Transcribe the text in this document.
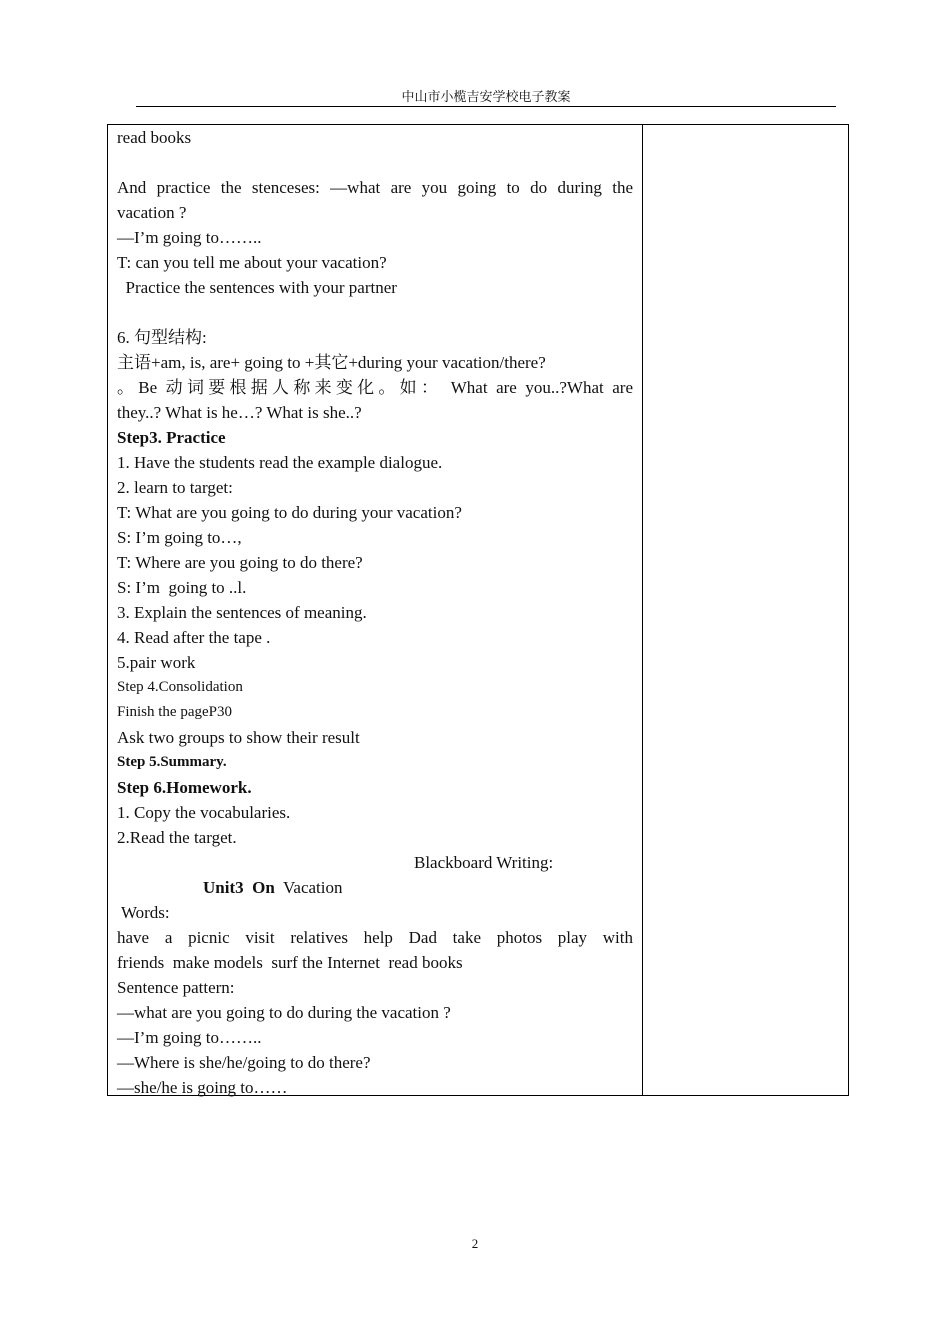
中山市小榄吉安学校电子教案
read books
And practice the stenceses: —what are you going to do during the
vacation ?
—I’m going to……..
T: can you tell me about your vacation?
Practice the sentences with your partner
6. 句型结构:
主语+am, is, are+ going to +其它+during your vacation/there?
。Be 动词要根据人称来变化。如： What are you..?What are
they..? What is he…? What is she..?
Step3. Practice
1. Have the students read the example dialogue.
2. learn to target:
T: What are you going to do during your vacation?
S: I’m going to…,
T: Where are you going to do there?
S: I’m  going to ..l.
3. Explain the sentences of meaning.
4. Read after the tape .
5.pair work
Step 4.Consolidation
Finish the pageP30
Ask two groups to show their result
Step 5.Summary.
Step 6.Homework.
1. Copy the vocabularies.
2.Read the target.
Blackboard Writing:
Unit3  On Vacation
Words:
have a picnic visit relatives help Dad take photos play with
friends  make models  surf the Internet  read books
Sentence pattern:
—what are you going to do during the vacation ?
—I’m going to……..
—Where is she/he/going to do there?
—she/he is going to……
2
